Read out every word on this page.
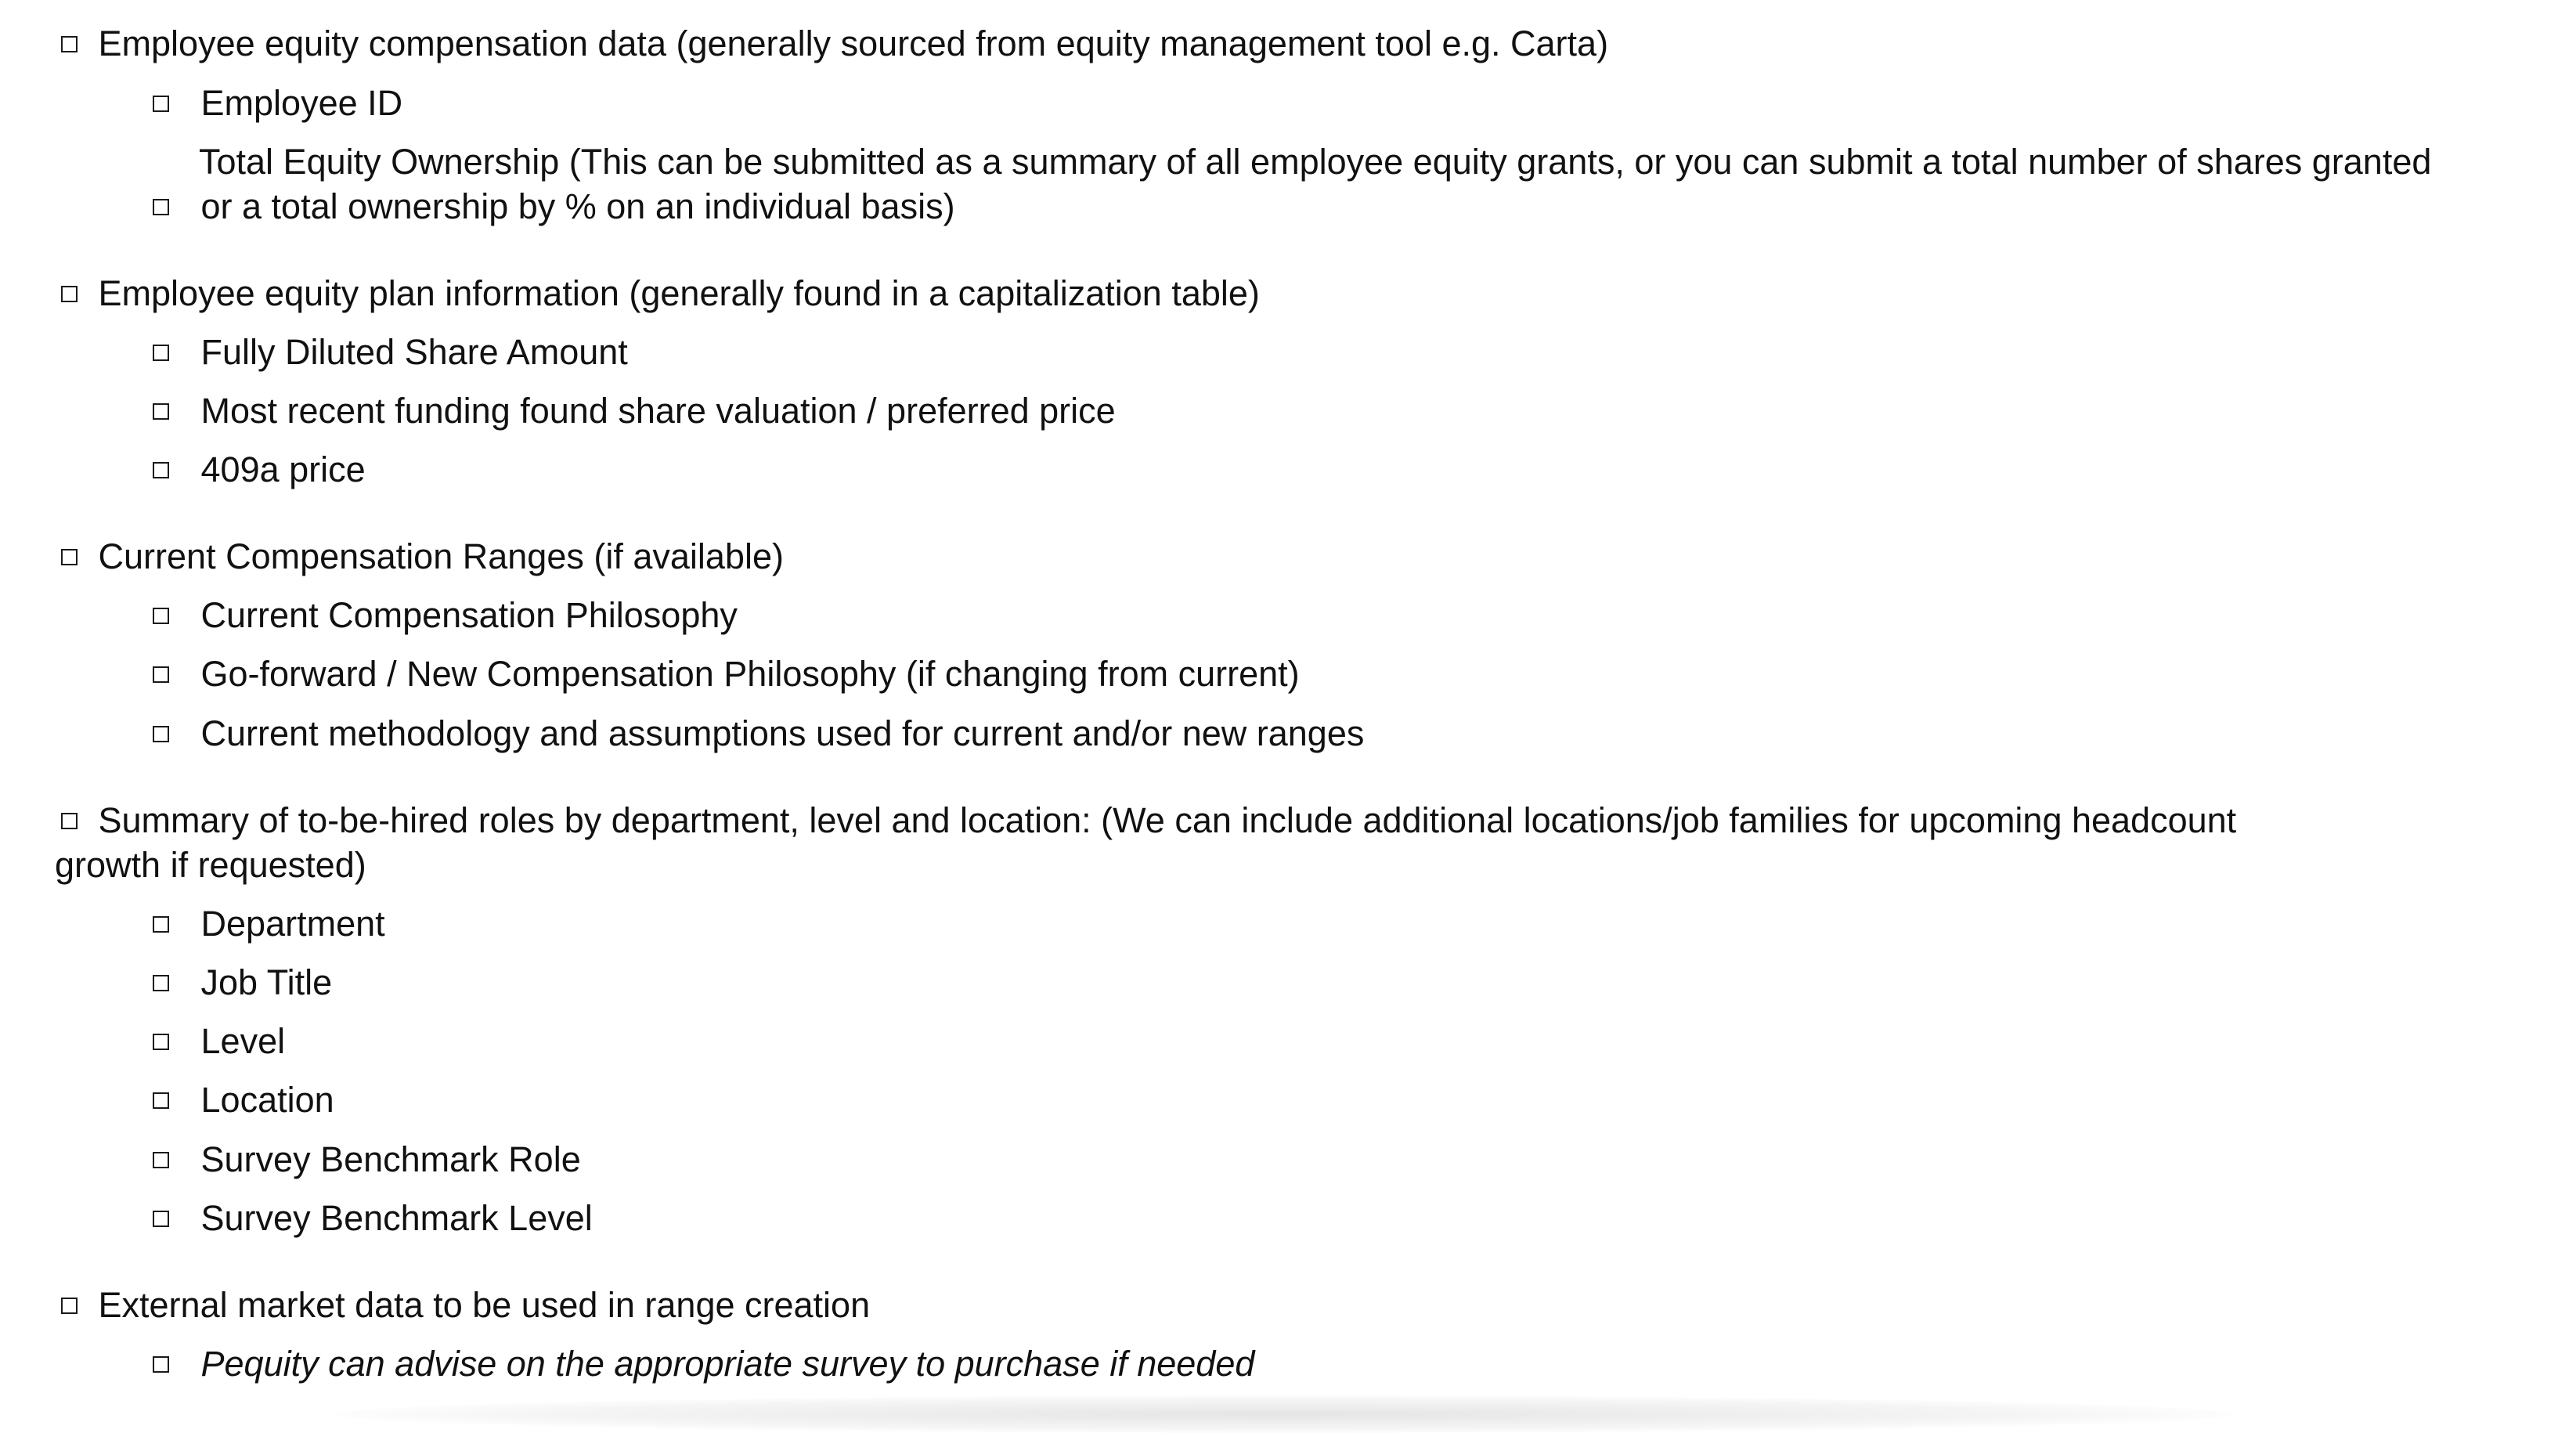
Employee equity compensation data (generally sourced from equity management tool e.g. Carta)
Employee ID
Total Equity Ownership (This can be submitted as a summary of all employee equity grants, or you can submit a total number of shares granted
or a total ownership by % on an individual basis)
Employee equity plan information (generally found in a capitalization table)
Fully Diluted Share Amount
Most recent funding found share valuation / preferred price
409a price
Current Compensation Ranges (if available)
Current Compensation Philosophy
Go-forward / New Compensation Philosophy (if changing from current)
Current methodology and assumptions used for current and/or new ranges
Summary of to-be-hired roles by department, level and location: (We can include additional locations/job families for upcoming headcount
growth if requested)
Department
Job Title
Level
Location
Survey Benchmark Role
Survey Benchmark Level
External market data to be used in range creation
Pequity can advise on the appropriate survey to purchase if needed
